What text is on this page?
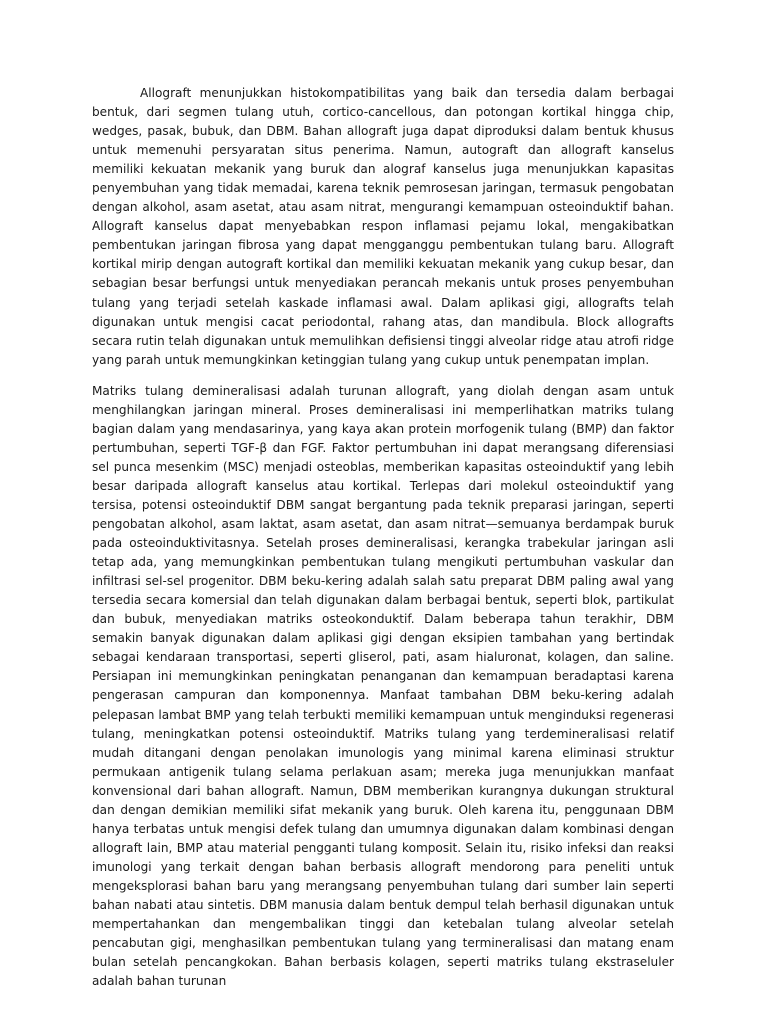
Allograft menunjukkan histokompatibilitas yang baik dan tersedia dalam berbagai bentuk, dari segmen tulang utuh, cortico-cancellous, dan potongan kortikal hingga chip, wedges, pasak, bubuk, dan DBM. Bahan allograft juga dapat diproduksi dalam bentuk khusus untuk memenuhi persyaratan situs penerima. Namun, autograft dan allograft kanselus memiliki kekuatan mekanik yang buruk dan alograf kanselus juga menunjukkan kapasitas penyembuhan yang tidak memadai, karena teknik pemrosesan jaringan, termasuk pengobatan dengan alkohol, asam asetat, atau asam nitrat, mengurangi kemampuan osteoinduktif bahan. Allograft kanselus dapat menyebabkan respon inflamasi pejamu lokal, mengakibatkan pembentukan jaringan fibrosa yang dapat mengganggu pembentukan tulang baru. Allograft kortikal mirip dengan autograft kortikal dan memiliki kekuatan mekanik yang cukup besar, dan sebagian besar berfungsi untuk menyediakan perancah mekanis untuk proses penyembuhan tulang yang terjadi setelah kaskade inflamasi awal. Dalam aplikasi gigi, allografts telah digunakan untuk mengisi cacat periodontal, rahang atas, dan mandibula. Block allografts secara rutin telah digunakan untuk memulihkan defisiensi tinggi alveolar ridge atau atrofi ridge yang parah untuk memungkinkan ketinggian tulang yang cukup untuk penempatan implan.

Matriks tulang demineralisasi adalah turunan allograft, yang diolah dengan asam untuk menghilangkan jaringan mineral. Proses demineralisasi ini memperlihatkan matriks tulang bagian dalam yang mendasarinya, yang kaya akan protein morfogenik tulang (BMP) dan faktor pertumbuhan, seperti TGF-β dan FGF. Faktor pertumbuhan ini dapat merangsang diferensiasi sel punca mesenkim (MSC) menjadi osteoblas, memberikan kapasitas osteoinduktif yang lebih besar daripada allograft kanselus atau kortikal. Terlepas dari molekul osteoinduktif yang tersisa, potensi osteoinduktif DBM sangat bergantung pada teknik preparasi jaringan, seperti pengobatan alkohol, asam laktat, asam asetat, dan asam nitrat—semuanya berdampak buruk pada osteoinduktivitasnya. Setelah proses demineralisasi, kerangka trabekular jaringan asli tetap ada, yang memungkinkan pembentukan tulang mengikuti pertumbuhan vaskular dan infiltrasi sel-sel progenitor. DBM beku-kering adalah salah satu preparat DBM paling awal yang tersedia secara komersial dan telah digunakan dalam berbagai bentuk, seperti blok, partikulat dan bubuk, menyediakan matriks osteokonduktif. Dalam beberapa tahun terakhir, DBM semakin banyak digunakan dalam aplikasi gigi dengan eksipien tambahan yang bertindak sebagai kendaraan transportasi, seperti gliserol, pati, asam hialuronat, kolagen, dan saline. Persiapan ini memungkinkan peningkatan penanganan dan kemampuan beradaptasi karena pengerasan campuran dan komponennya. Manfaat tambahan DBM beku-kering adalah pelepasan lambat BMP yang telah terbukti memiliki kemampuan untuk menginduksi regenerasi tulang, meningkatkan potensi osteoinduktif. Matriks tulang yang terdemineralisasi relatif mudah ditangani dengan penolakan imunologis yang minimal karena eliminasi struktur permukaan antigenik tulang selama perlakuan asam; mereka juga menunjukkan manfaat konvensional dari bahan allograft. Namun, DBM memberikan kurangnya dukungan struktural dan dengan demikian memiliki sifat mekanik yang buruk. Oleh karena itu, penggunaan DBM hanya terbatas untuk mengisi defek tulang dan umumnya digunakan dalam kombinasi dengan allograft lain, BMP atau material pengganti tulang komposit. Selain itu, risiko infeksi dan reaksi imunologi yang terkait dengan bahan berbasis allograft mendorong para peneliti untuk mengeksplorasi bahan baru yang merangsang penyembuhan tulang dari sumber lain seperti bahan nabati atau sintetis. DBM manusia dalam bentuk dempul telah berhasil digunakan untuk mempertahankan dan mengembalikan tinggi dan ketebalan tulang alveolar setelah pencabutan gigi, menghasilkan pembentukan tulang yang termineralisasi dan matang enam bulan setelah pencangkokan. Bahan berbasis kolagen, seperti matriks tulang ekstraseluler adalah bahan turunan
